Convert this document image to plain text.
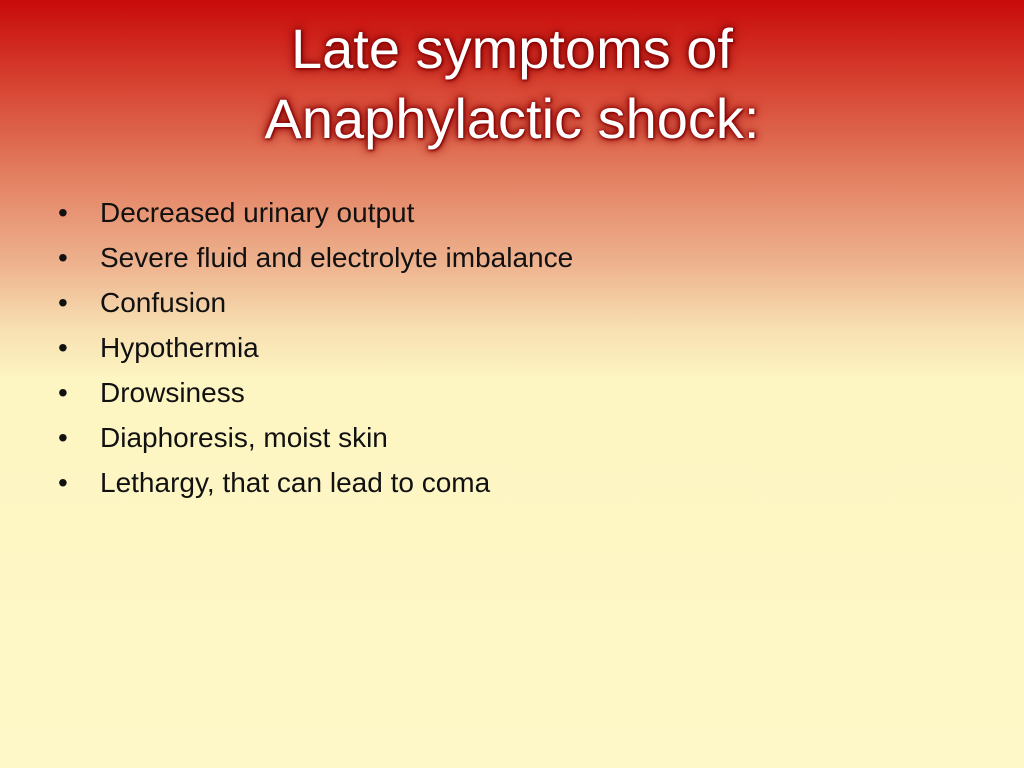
Late symptoms of
Anaphylactic shock:
•	Decreased urinary output
•	Severe fluid and electrolyte imbalance
•	Confusion
•	Hypothermia
•	Drowsiness
•	Diaphoresis, moist skin
•	Lethargy, that can lead to coma
